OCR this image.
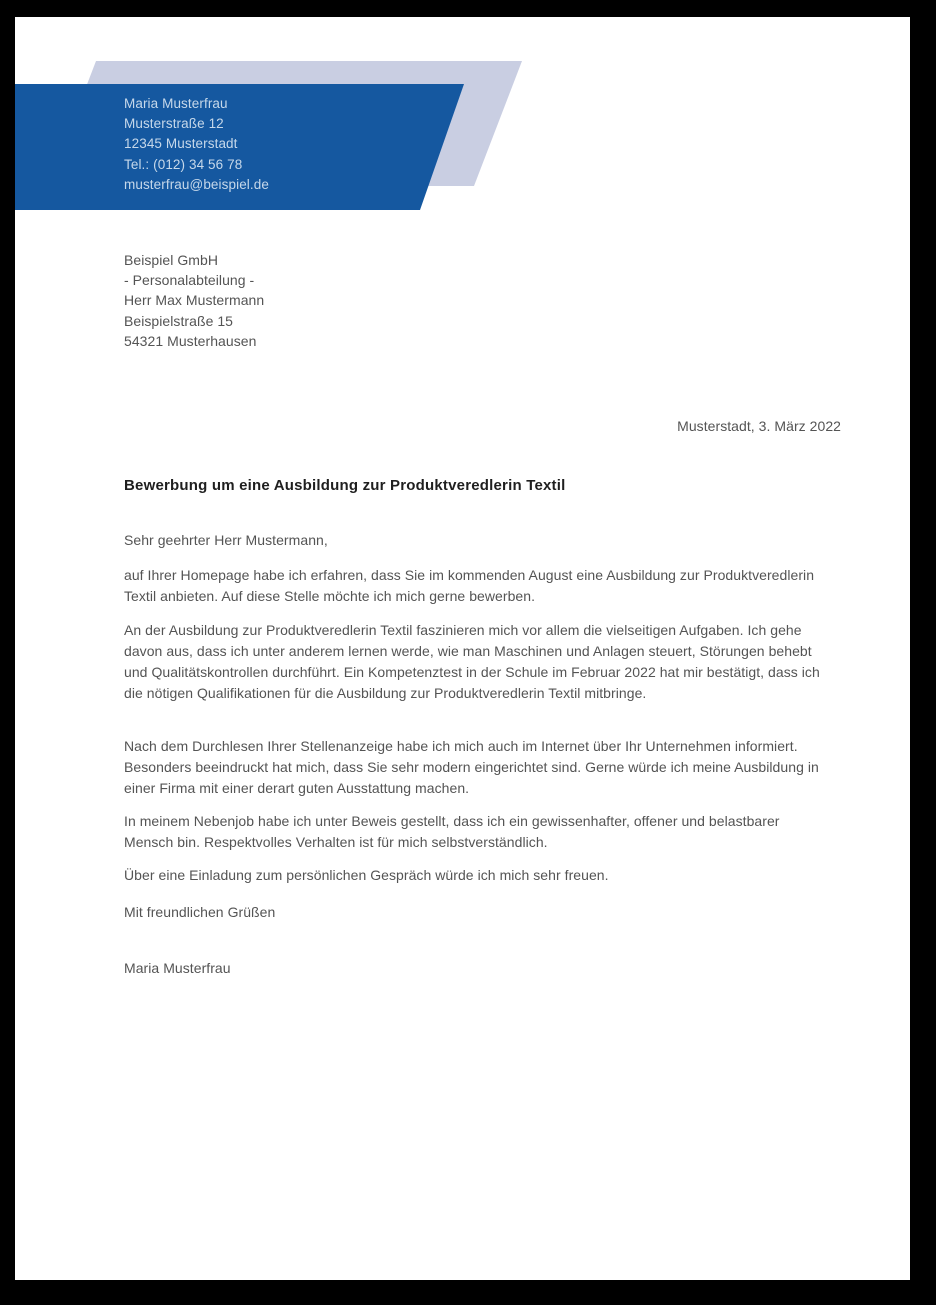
Maria Musterfrau
Musterstraße 12
12345 Musterstadt
Tel.: (012) 34 56 78
musterfrau@beispiel.de
Beispiel GmbH
- Personalabteilung -
Herr Max Mustermann
Beispielstraße 15
54321 Musterhausen
Musterstadt, 3. März 2022
Bewerbung um eine Ausbildung zur Produktveredlerin Textil
Sehr geehrter Herr Mustermann,
auf Ihrer Homepage habe ich erfahren, dass Sie im kommenden August eine Ausbildung zur Produktveredlerin Textil anbieten. Auf diese Stelle möchte ich mich gerne bewerben.
An der Ausbildung zur Produktveredlerin Textil faszinieren mich vor allem die vielseitigen Aufgaben. Ich gehe davon aus, dass ich unter anderem lernen werde, wie man Maschinen und Anlagen steuert, Störungen behebt und Qualitätskontrollen durchführt. Ein Kompetenztest in der Schule im Februar 2022 hat mir bestätigt, dass ich die nötigen Qualifikationen für die Ausbildung zur Produktveredlerin Textil mitbringe.
Nach dem Durchlesen Ihrer Stellenanzeige habe ich mich auch im Internet über Ihr Unternehmen informiert. Besonders beeindruckt hat mich, dass Sie sehr modern eingerichtet sind. Gerne würde ich meine Ausbildung in einer Firma mit einer derart guten Ausstattung machen.
In meinem Nebenjob habe ich unter Beweis gestellt, dass ich ein gewissenhafter, offener und belastbarer Mensch bin. Respektvolles Verhalten ist für mich selbstverständlich.
Über eine Einladung zum persönlichen Gespräch würde ich mich sehr freuen.
Mit freundlichen Grüßen
Maria Musterfrau
